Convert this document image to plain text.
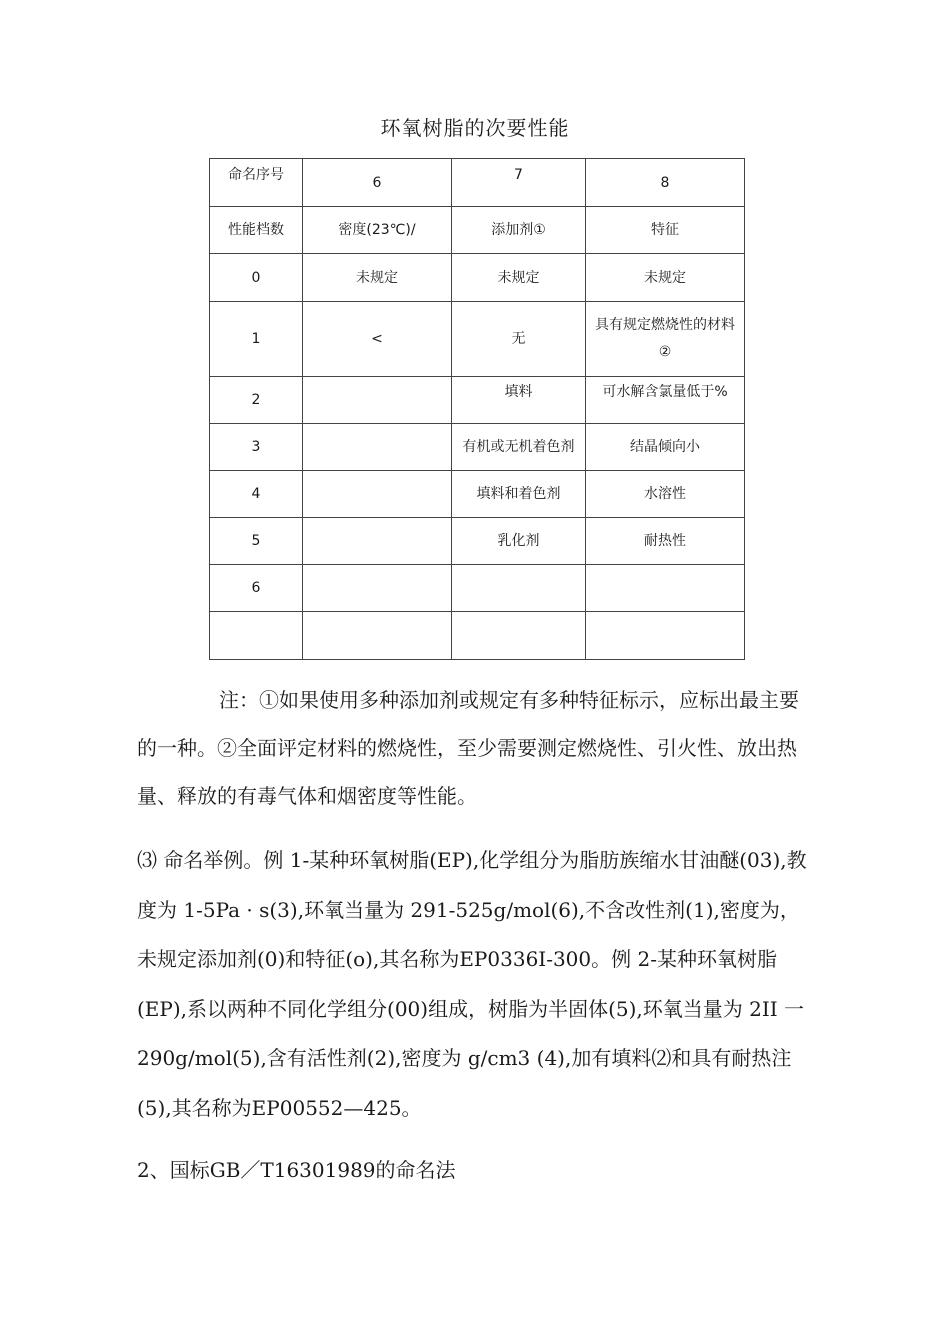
环氧树脂的次要性能
命名序号	6	7	8
性能档数	密度(23℃)/	添加剂①	特征
0	未规定	未规定	未规定
1	<	无	具有规定燃烧性的材料②
2		填料	可水解含氯量低于%
3		有机或无机着色剂	结晶倾向小
4		填料和着色剂	水溶性
5		乳化剂	耐热性
6			

注：①如果使用多种添加剂或规定有多种特征标示，应标出最主要的一种。②全面评定材料的燃烧性，至少需要测定燃烧性、引火性、放出热量、释放的有毒气体和烟密度等性能。
⑶ 命名举例。例 1-某种环氧树脂(EP),化学组分为脂肪族缩水甘油醚(03),教度为 1-5Pa · s(3),环氧当量为 291-525g/mol(6),不含改性剂(1),密度为，未规定添加剂(0)和特征(o),其名称为EP0336I-300。例 2-某种环氧树脂(EP),系以两种不同化学组分(00)组成，树脂为半固体(5),环氧当量为 2II 一 290g/mol(5),含有活性剂(2),密度为 g/cm3 (4),加有填料⑵和具有耐热注(5),其名称为EP00552—425。
2、国标GB／T16301989的命名法
